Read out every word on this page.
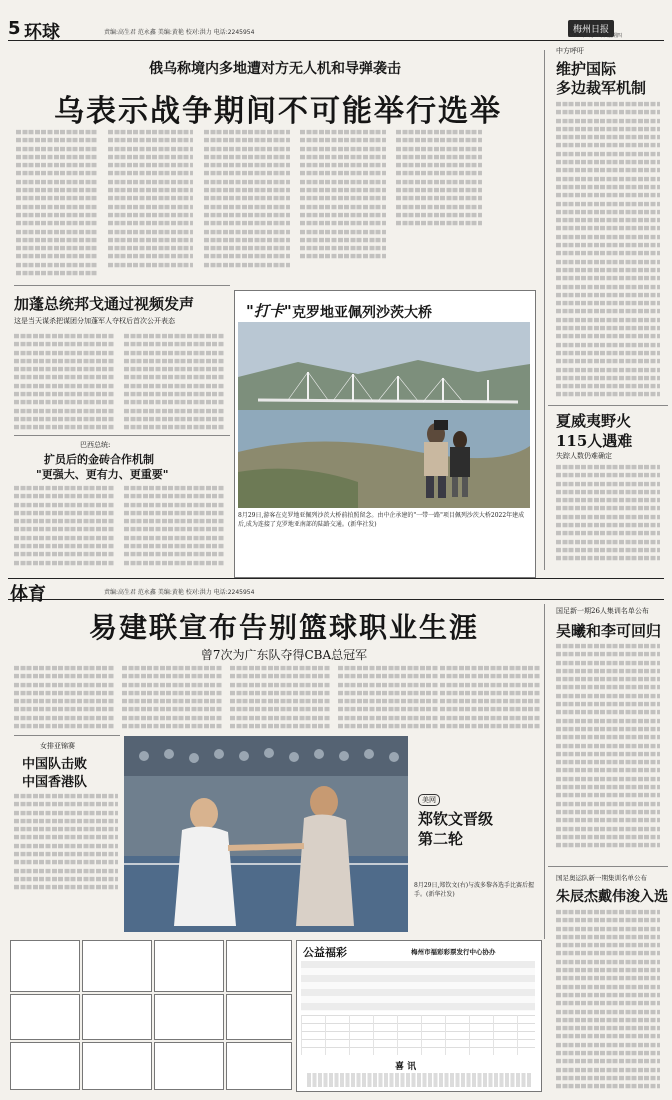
5 环球	责编:高生君 范永鑫 美编:黄艳 校对:洪力 电话:2245954	梅州日报
2023年8月31日 星期四
俄乌称境内多地遭对方无人机和导弹袭击
乌表示战争期间不可能举行选举
中方呼吁
维护国际
多边裁军机制
加蓬总统邦戈通过视频发声
这是当天谋杀把谋团分加蓬军人夺权后首次公开表态
巴西总统:
扩员后的金砖合作机制
"更强大、更有力、更重要"
"打卡" 克罗地亚佩列沙茨大桥
8月29日,游客在克罗地亚佩列沙茨大桥前拍照留念。由中企承建的"一带一路"项目佩列沙茨大桥2022年建成后,成为连接了克罗地亚南部的陆路交通。(新华社发)
夏威夷野火
115人遇难
失踪人数仍难确定
体育	责编:高生君 范永鑫 美编:黄艳 校对:洪力 电话:2245954
易建联宣布告别篮球职业生涯
曾7次为广东队夺得CBA总冠军
国足新一期26人集训名单公布
吴曦和李可回归
女排亚锦赛
中国队击败
中国香港队
美网
郑钦文晋级
第二轮
8月29日,郑钦文(右)与波多黎各选手比赛后握手。(新华社发)
国足奥运队新一期集训名单公布
朱辰杰戴伟浚入选
公益福彩	梅州市福彩彩票发行中心协办
喜 讯
